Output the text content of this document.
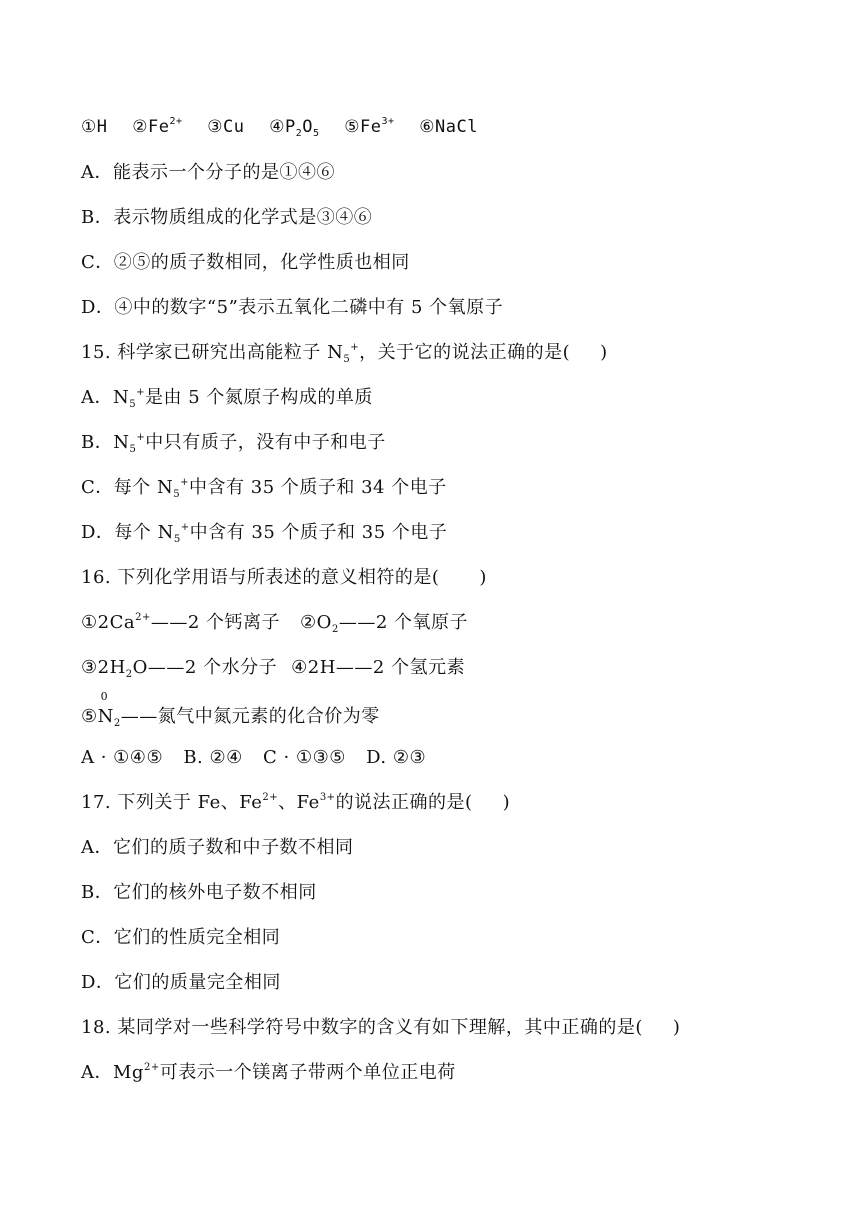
①H $②Fe^{2+}$ ③Cu $④P_2O_5$ $⑤Fe^{3+}$ ⑥NaCl
A．能表示一个分子的是①④⑥
B．表示物质组成的化学式是③④⑥
C．②⑤的质子数相同，化学性质也相同
D．④中的数字“5”表示五氧化二磷中有 5 个氧原子
15. 科学家已研究出高能粒子 $N_5^+$，关于它的说法正确的是( )
A．$N_5^+$是由 5 个氮原子构成的单质
B．$N_5^+$中只有质子，没有中子和电子
C．每个 $N_5^+$中含有 35 个质子和 34 个电子
D．每个 $N_5^+$中含有 35 个质子和 35 个电子
16. 下列化学用语与所表述的意义相符的是( )
$①2Ca^{2+}——2$ 个钙离子 $②O_2——2$ 个氧原子
$③2H_2O——2$ 个水分子 ④2H——2 个氢元素
⑤
0
$N_2——$氮气中氮元素的化合价为零
A · ①④⑤ B. ②④ C · ①③⑤ D. ②③
17. 下列关于 Fe、$Fe^{2+}$、$Fe^{3+}$的说法正确的是( )
A．它们的质子数和中子数不相同
B．它们的核外电子数不相同
C．它们的性质完全相同
D．它们的质量完全相同
18. 某同学对一些科学符号中数字的含义有如下理解，其中正确的是( )
A．$Mg^{2+}$可表示一个镁离子带两个单位正电荷
